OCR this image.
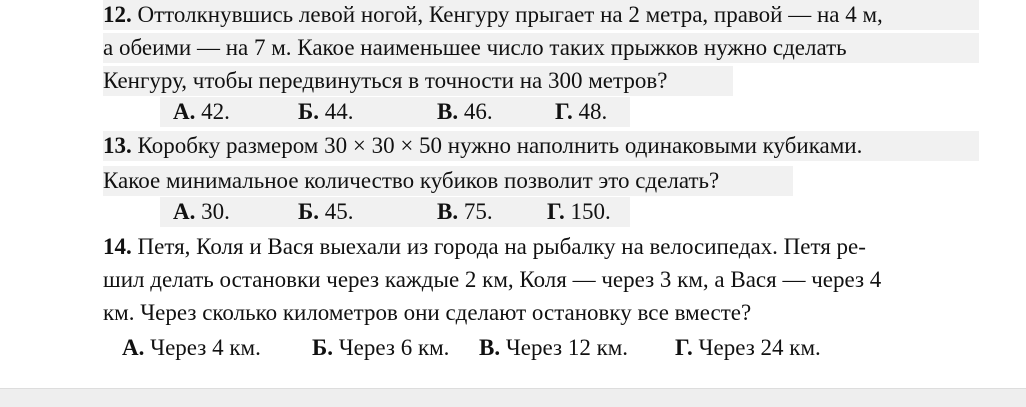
12. Оттолкнувшись левой ногой, Кенгуру прыгает на 2 метра, правой — на 4 м,
а обеими — на 7 м. Какое наименьшее число таких прыжков нужно сделать
Кенгуру, чтобы передвинуться в точности на 300 метров?
А. 42.	Б. 44.	В. 46.	Г. 48.
13. Коробку размером 30 × 30 × 50 нужно наполнить одинаковыми кубиками.
Какое минимальное количество кубиков позволит это сделать?
А. 30.	Б. 45.	В. 75. Г. 150.
14. Петя, Коля и Вася выехали из города на рыбалку на велосипедах. Петя ре-
шил делать остановки через каждые 2 км, Коля — через 3 км, а Вася — через 4
км. Через сколько километров они сделают остановку все вместе?
А. Через 4 км. Б. Через 6 км. В. Через 12 км. Г. Через 24 км.
